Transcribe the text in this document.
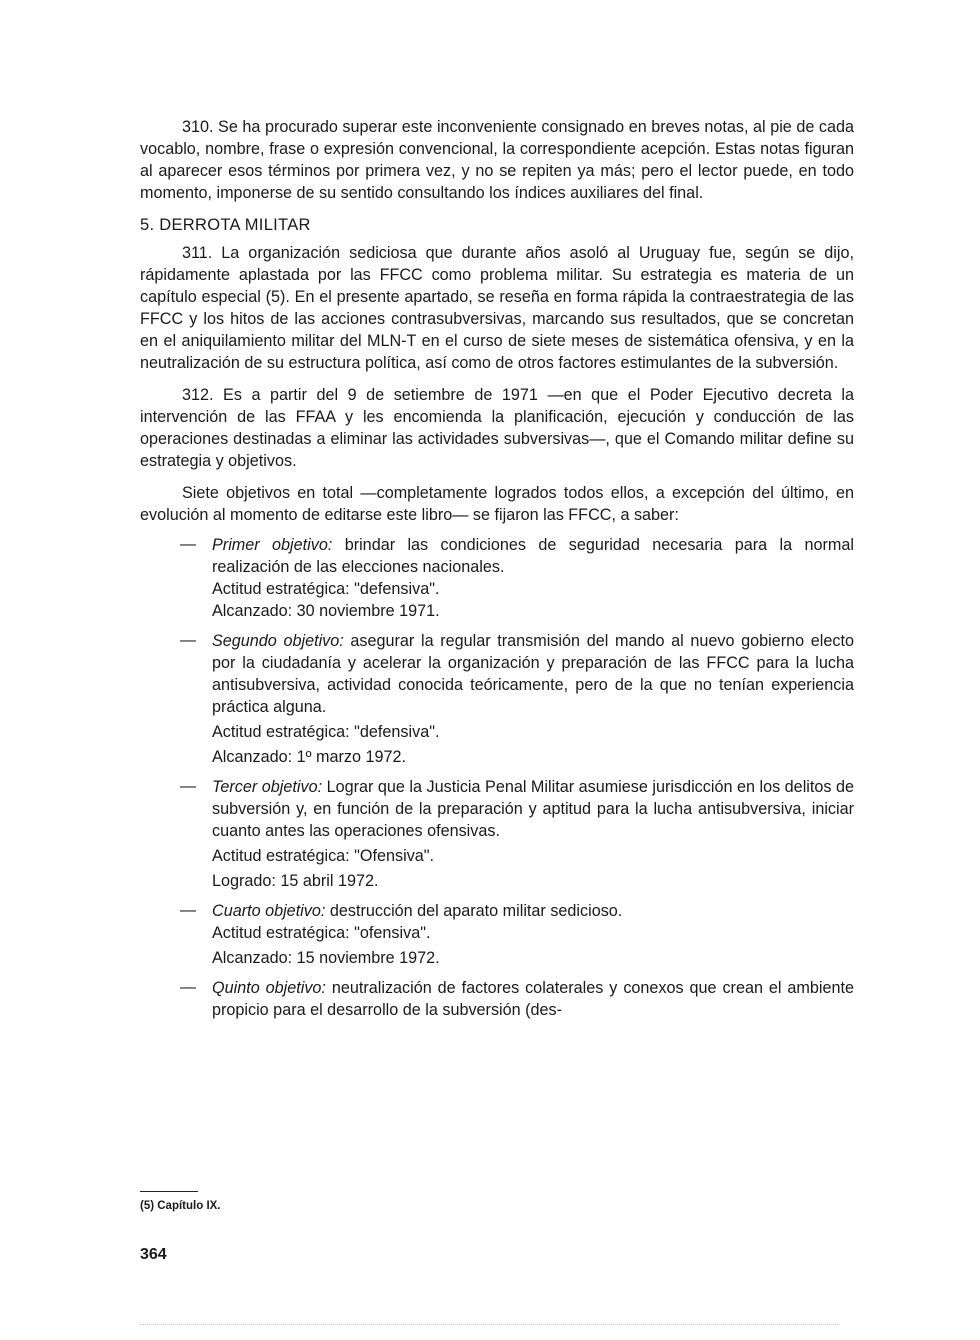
310. Se ha procurado superar este inconveniente consignado en breves notas, al pie de cada vocablo, nombre, frase o expresión convencional, la correspondiente acepción. Estas notas figuran al aparecer esos términos por primera vez, y no se repiten ya más; pero el lector puede, en todo momento, imponerse de su sentido consultando los índices auxiliares del final.

5. DERROTA MILITAR

311. La organización sediciosa que durante años asoló al Uruguay fue, según se dijo, rápidamente aplastada por las FFCC como problema militar. Su estrategia es materia de un capítulo especial (5). En el presente apartado, se reseña en forma rápida la contraestrategia de las FFCC y los hitos de las acciones contrasubversivas, marcando sus resultados, que se concretan en el aniquilamiento militar del MLN-T en el curso de siete meses de sistemática ofensiva, y en la neutralización de su estructura política, así como de otros factores estimulantes de la subversión.

312. Es a partir del 9 de setiembre de 1971 —en que el Poder Ejecutivo decreta la intervención de las FFAA y les encomienda la planificación, ejecución y conducción de las operaciones destinadas a eliminar las actividades subversivas—, que el Comando militar define su estrategia y objetivos.

Siete objetivos en total —completamente logrados todos ellos, a excepción del último, en evolución al momento de editarse este libro— se fijaron las FFCC, a saber:

— Primer objetivo: brindar las condiciones de seguridad necesaria para la normal realización de las elecciones nacionales.
Actitud estratégica: "defensiva".
Alcanzado: 30 noviembre 1971.
— Segundo objetivo: asegurar la regular transmisión del mando al nuevo gobierno electo por la ciudadanía y acelerar la organización y preparación de las FFCC para la lucha antisubversiva, actividad conocida teóricamente, pero de la que no tenían experiencia práctica alguna.
Actitud estratégica: "defensiva".
Alcanzado: 1º marzo 1972.
— Tercer objetivo: Lograr que la Justicia Penal Militar asumiese jurisdicción en los delitos de subversión y, en función de la preparación y aptitud para la lucha antisubversiva, iniciar cuanto antes las operaciones ofensivas.
Actitud estratégica: "Ofensiva".
Logrado: 15 abril 1972.
— Cuarto objetivo: destrucción del aparato militar sedicioso.
Actitud estratégica: "ofensiva".
Alcanzado: 15 noviembre 1972.
— Quinto objetivo: neutralización de factores colaterales y conexos que crean el ambiente propicio para el desarrollo de la subversión (des-
(5) Capítulo IX.
364
